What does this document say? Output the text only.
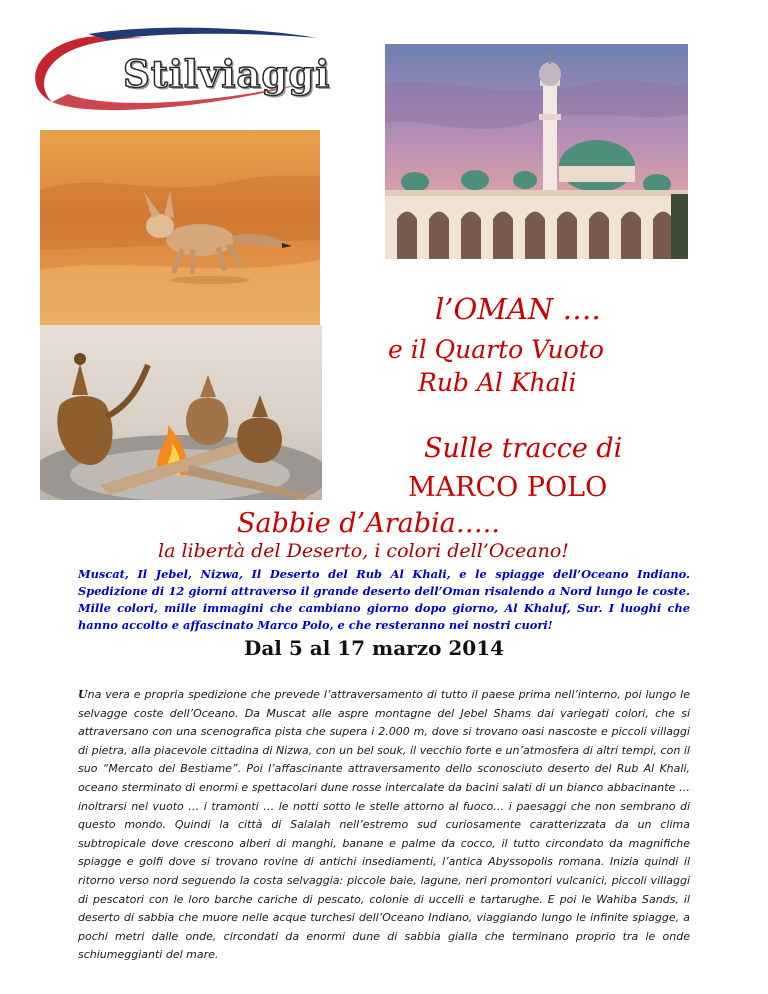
Stilviaggi
l’OMAN ….
e il Quarto Vuoto
Rub Al Khali
Sulle tracce di
MARCO POLO
Sabbie d’Arabia…..
la libertà del Deserto, i colori dell’Oceano!
Muscat, Il Jebel, Nizwa, Il Deserto del Rub Al Khali, e le spiagge dell’Oceano Indiano. Spedizione di 12 giorni attraverso il grande deserto dell’Oman risalendo a Nord lungo le coste. Mille colori, mille immagini che cambiano giorno dopo giorno, Al Khaluf, Sur. I luoghi che hanno accolto e affascinato Marco Polo, e che resteranno nei nostri cuori!
Dal 5 al 17 marzo 2014
Una vera e propria spedizione che prevede l’attraversamento di tutto il paese prima nell’interno, poi lungo le selvagge coste dell’Oceano. Da Muscat alle aspre montagne del Jebel Shams dai variegati colori, che si attraversano con una scenografica pista che supera i 2.000 m, dove si trovano oasi nascoste e piccoli villaggi di pietra, alla piacevole cittadina di Nizwa, con un bel souk, il vecchio forte e un’atmosfera di altri tempi, con il suo “Mercato del Bestiame”. Poi l’affascinante attraversamento dello sconosciuto deserto del Rub Al Khali, oceano sterminato di enormi e spettacolari dune rosse intercalate da bacini salati di un bianco abbacinante … inoltrarsi nel vuoto … i tramonti … le notti sotto le stelle attorno al fuoco… i paesaggi che non sembrano di questo mondo. Quindi la città di Salalah nell’estremo sud curiosamente caratterizzata da un clima subtropicale dove crescono alberi di manghi, banane e palme da cocco, il tutto circondato da magnifiche spiagge e golfi dove si trovano rovine di antichi insediamenti, l’antica Abyssopolis romana. Inizia quindi il ritorno verso nord seguendo la costa selvaggia: piccole baie, lagune, neri promontori vulcanici, piccoli villaggi di pescatori con le loro barche cariche di pescato, colonie di uccelli e tartarughe. E poi le Wahiba Sands, il deserto di sabbia che muore nelle acque turchesi dell’Oceano Indiano, viaggiando lungo le infinite spiagge, a pochi metri dalle onde, circondati da enormi dune di sabbia gialla che terminano proprio tra le onde schiumeggianti del mare.
